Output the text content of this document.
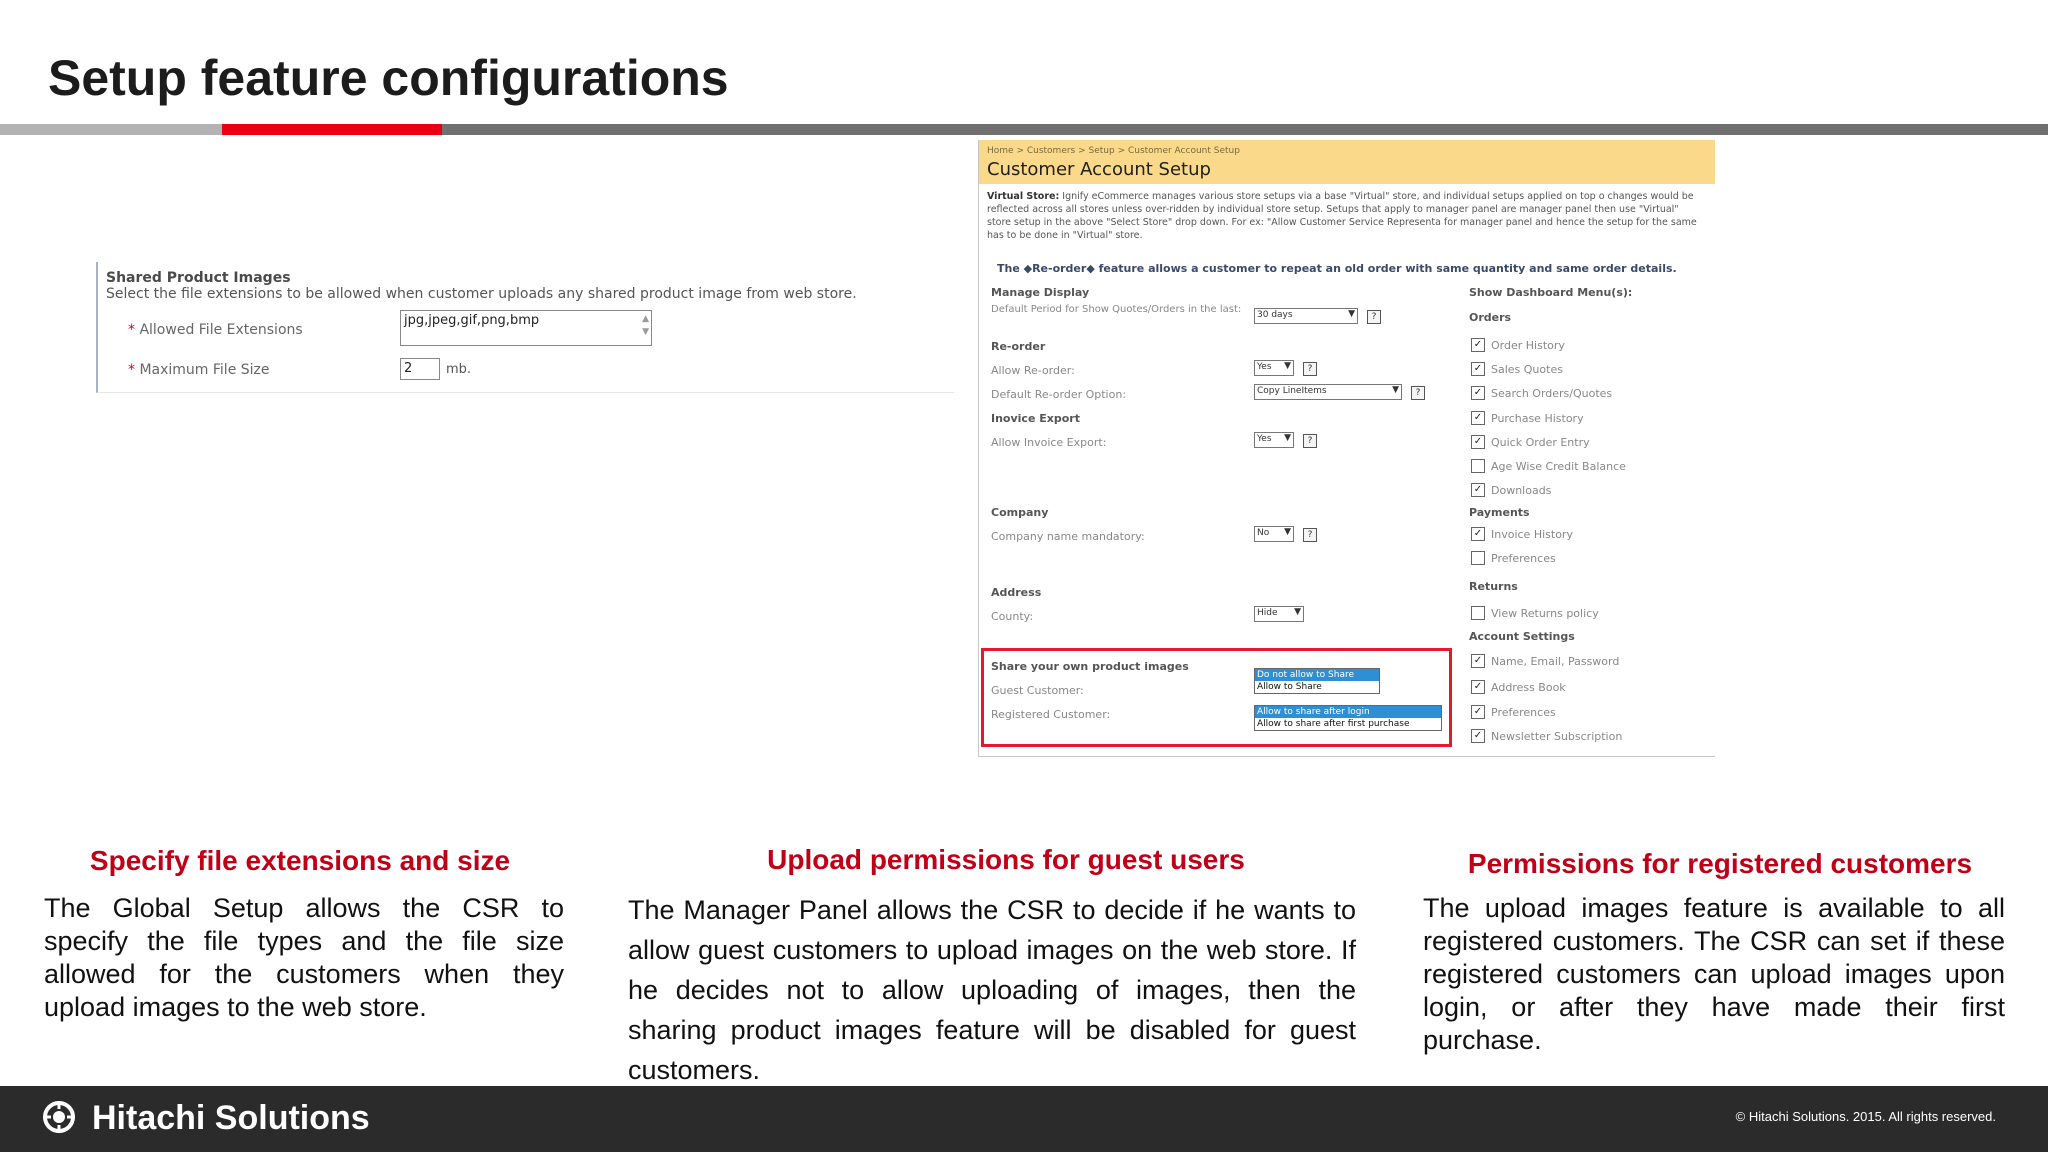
Setup feature configurations
Shared Product Images
Select the file extensions to be allowed when customer uploads any shared product image from web store.
* Allowed File Extensions
jpg,jpeg,gif,png,bmp	▲
▼
* Maximum File Size	2	mb.
Home > Customers > Setup > Customer Account Setup
Customer Account Setup
Virtual Store: Ignify eCommerce manages various store setups via a base "Virtual" store, and individual setups applied on top o changes would be reflected across all stores unless over-ridden by individual store setup. Setups that apply to manager panel are manager panel then use "Virtual" store setup in the above "Select Store" drop down. For ex: "Allow Customer Service Representa for manager panel and hence the setup for the same has to be done in "Virtual" store.
The ◆Re-order◆ feature allows a customer to repeat an old order with same quantity and same order details.
Manage Display
Default Period for Show Quotes/Orders in the last:	30 days	▼	?
Re-order
Allow Re-order:	Yes ▼	?
Default Re-order Option:	Copy LineItems	▼	?
Inovice Export
Allow Invoice Export:	Yes ▼	?
Company
Company name mandatory:	No ▼	?
Address
County:	Hide ▼
Share your own product images
Guest Customer:
Do not allow to Share
Allow to Share
Registered Customer:	Allow to share after login
Allow to share after first purchase
Show Dashboard Menu(s):
Orders
✓ Order History
✓ Sales Quotes
✓ Search Orders/Quotes
✓ Purchase History
✓ Quick Order Entry
Age Wise Credit Balance
✓ Downloads
Payments
✓ Invoice History
Preferences
Returns
View Returns policy
Account Settings
✓ Name, Email, Password
✓ Address Book
✓ Preferences
✓ Newsletter Subscription
Specify file extensions and size

The Global Setup allows the CSR to specify the file types and the file size allowed for the customers when they upload images to the web store.

Upload permissions for guest users

The Manager Panel allows the CSR to decide if he wants to allow guest customers to upload images on the web store. If he decides not to allow uploading of images, then the sharing product images feature will be disabled for guest customers.

Permissions for registered customers

The upload images feature is available to all registered customers. The CSR can set if these registered customers can upload images upon login, or after they have made their first purchase.

Hitachi Solutions	© Hitachi Solutions. 2015. All rights reserved.
